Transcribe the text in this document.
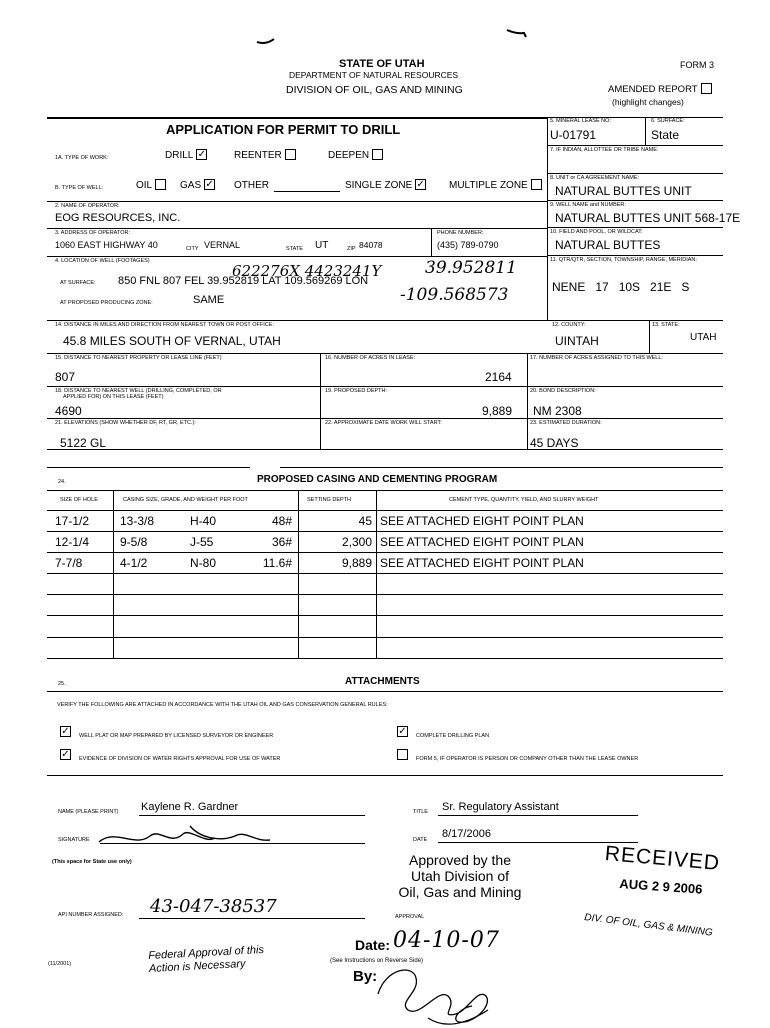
STATE OF UTAH
DEPARTMENT OF NATURAL RESOURCES
DIVISION OF OIL, GAS AND MINING
FORM 3
AMENDED REPORT
(highlight changes)
APPLICATION FOR PERMIT TO DRILL
5. MINERAL LEASE NO:
U-01791
6. SURFACE:
State
7. IF INDIAN, ALLOTTEE OR TRIBE NAME:
8. UNIT or CA AGREEMENT NAME:
NATURAL BUTTES UNIT
9. WELL NAME and NUMBER:
NATURAL BUTTES UNIT 568-17E
10. FIELD AND POOL, OR WILDCAT:
NATURAL BUTTES
11. QTR/QTR, SECTION, TOWNSHIP, RANGE, MERIDIAN:
NENE   17   10S   21E   S
1A. TYPE OF WORK:	DRILL ✓	REENTER	DEEPEN
B. TYPE OF WELL:	OIL	GAS ✓ OTHER	SINGLE ZONE ✓ MULTIPLE ZONE
2. NAME OF OPERATOR:
EOG RESOURCES, INC.
3. ADDRESS OF OPERATOR:
1060 EAST HIGHWAY 40	CITY VERNAL	STATE UT	ZIP 84078
PHONE NUMBER:
(435) 789-0790
4. LOCATION OF WELL (FOOTAGES)
AT SURFACE: 850 FNL 807 FEL 39.952819 LAT 109.569269 LON
AT PROPOSED PRODUCING ZONE:	SAME
622276X 4423241Y	39.952811
-109.568573
14. DISTANCE IN MILES AND DIRECTION FROM NEAREST TOWN OR POST OFFICE:
45.8 MILES SOUTH OF VERNAL, UTAH
12. COUNTY:
UINTAH
13. STATE:
UTAH
15. DISTANCE TO NEAREST PROPERTY OR LEASE LINE (FEET)
807
16. NUMBER OF ACRES IN LEASE:
2164
17. NUMBER OF ACRES ASSIGNED TO THIS WELL:
18. DISTANCE TO NEAREST WELL (DRILLING, COMPLETED, OR
APPLIED FOR) ON THIS LEASE (FEET)
4690
19. PROPOSED DEPTH:
9,889
20. BOND DESCRIPTION:
NM 2308
21. ELEVATIONS (SHOW WHETHER DF, RT, GR, ETC.):
5122 GL
22. APPROXIMATE DATE WORK WILL START:	23. ESTIMATED DURATION:
45 DAYS
24.	PROPOSED CASING AND CEMENTING PROGRAM
SIZE OF HOLE	CASING SIZE, GRADE, AND WEIGHT PER FOOT	SETTING DEPTH	CEMENT TYPE, QUANTITY, YIELD, AND SLURRY WEIGHT
17-1/2	13-3/8	H-40	48#	45 SEE ATTACHED EIGHT POINT PLAN
12-1/4	9-5/8	J-55	36#	2,300 SEE ATTACHED EIGHT POINT PLAN
7-7/8	4-1/2	N-80	11.6#	9,889 SEE ATTACHED EIGHT POINT PLAN
25.	ATTACHMENTS
VERIFY THE FOLLOWING ARE ATTACHED IN ACCORDANCE WITH THE UTAH OIL AND GAS CONSERVATION GENERAL RULES:
✓ WELL PLAT OR MAP PREPARED BY LICENSED SURVEYOR OR ENGINEER	✓ COMPLETE DRILLING PLAN
✓ EVIDENCE OF DIVISION OF WATER RIGHTS APPROVAL FOR USE OF WATER	FORM 5, IF OPERATOR IS PERSON OR COMPANY OTHER THAN THE LEASE OWNER
NAME (PLEASE PRINT) Kaylene R. Gardner	TITLE Sr. Regulatory Assistant
SIGNATURE	DATE 8/17/2006
(This space for State use only)
API NUMBER ASSIGNED: 43-047-38537
Approved by the
Utah Division of
Oil, Gas and Mining
APPROVAL
Date: 04-10-07
By:
Federal Approval of this
Action is Necessary	(See Instructions on Reverse Side)
(11/2001)
RECEIVED
AUG 2 9 2006
DIV. OF OIL, GAS & MINING
